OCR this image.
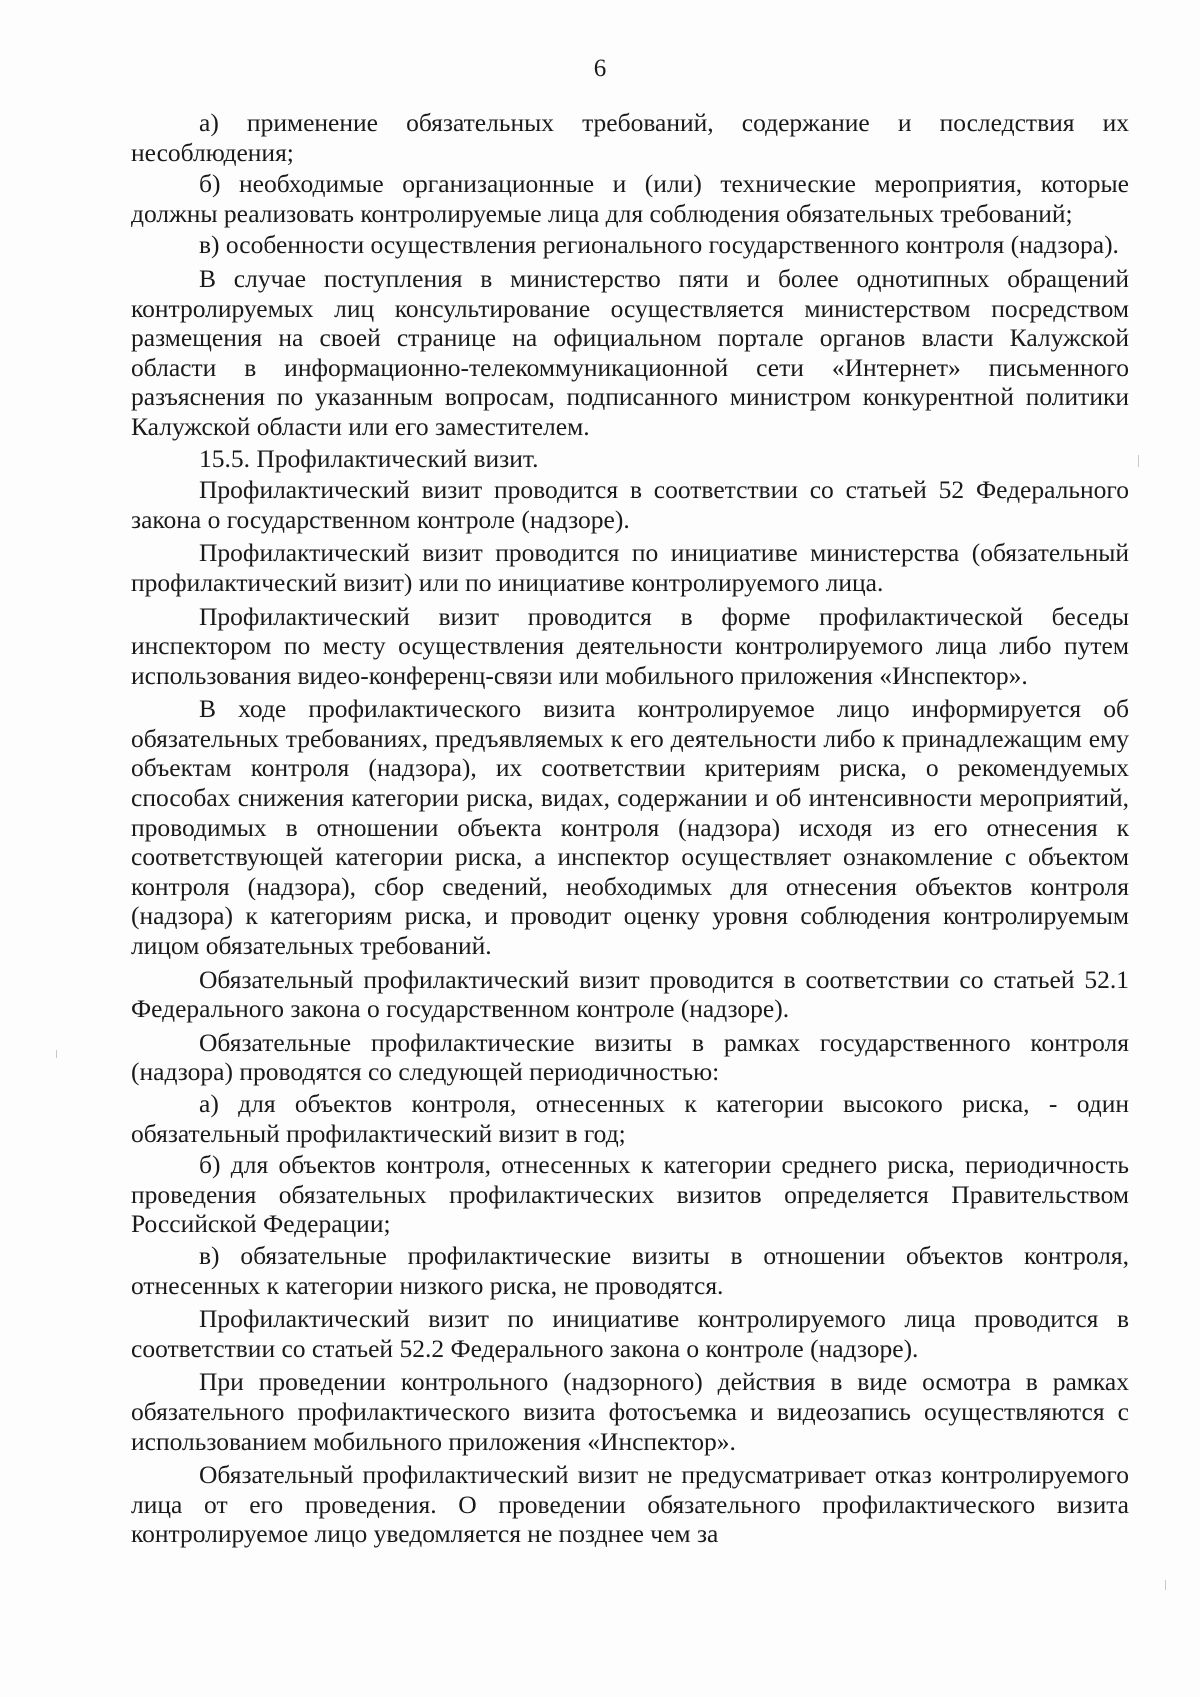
6

а) применение обязательных требований, содержание и последствия их несоблюдения;

б) необходимые организационные и (или) технические мероприятия, которые должны реализовать контролируемые лица для соблюдения обязательных требований;

в) особенности осуществления регионального государственного контроля (надзора).

В случае поступления в министерство пяти и более однотипных обращений контролируемых лиц консультирование осуществляется министерством посредством размещения на своей странице на официальном портале органов власти Калужской области в информационно-телекоммуникационной сети «Интернет» письменного разъяснения по указанным вопросам, подписанного министром конкурентной политики Калужской области или его заместителем.

15.5. Профилактический визит.

Профилактический визит проводится в соответствии со статьей 52 Федерального закона о государственном контроле (надзоре).

Профилактический визит проводится по инициативе министерства (обязательный профилактический визит) или по инициативе контролируемого лица.

Профилактический визит проводится в форме профилактической беседы инспектором по месту осуществления деятельности контролируемого лица либо путем использования видео-конференц-связи или мобильного приложения «Инспектор».

В ходе профилактического визита контролируемое лицо информируется об обязательных требованиях, предъявляемых к его деятельности либо к принадлежащим ему объектам контроля (надзора), их соответствии критериям риска, о рекомендуемых способах снижения категории риска, видах, содержании и об интенсивности мероприятий, проводимых в отношении объекта контроля (надзора) исходя из его отнесения к соответствующей категории риска, а инспектор осуществляет ознакомление с объектом контроля (надзора), сбор сведений, необходимых для отнесения объектов контроля (надзора) к категориям риска, и проводит оценку уровня соблюдения контролируемым лицом обязательных требований.

Обязательный профилактический визит проводится в соответствии со статьей 52.1 Федерального закона о государственном контроле (надзоре).

Обязательные профилактические визиты в рамках государственного контроля (надзора) проводятся со следующей периодичностью:

а) для объектов контроля, отнесенных к категории высокого риска, - один обязательный профилактический визит в год;

б) для объектов контроля, отнесенных к категории среднего риска, периодичность проведения обязательных профилактических визитов определяется Правительством Российской Федерации;

в) обязательные профилактические визиты в отношении объектов контроля, отнесенных к категории низкого риска, не проводятся.

Профилактический визит по инициативе контролируемого лица проводится в соответствии со статьей 52.2 Федерального закона о контроле (надзоре).

При проведении контрольного (надзорного) действия в виде осмотра в рамках обязательного профилактического визита фотосъемка и видеозапись осуществляются с использованием мобильного приложения «Инспектор».

Обязательный профилактический визит не предусматривает отказ контролируемого лица от его проведения. О проведении обязательного профилактического визита контролируемое лицо уведомляется не позднее чем за
